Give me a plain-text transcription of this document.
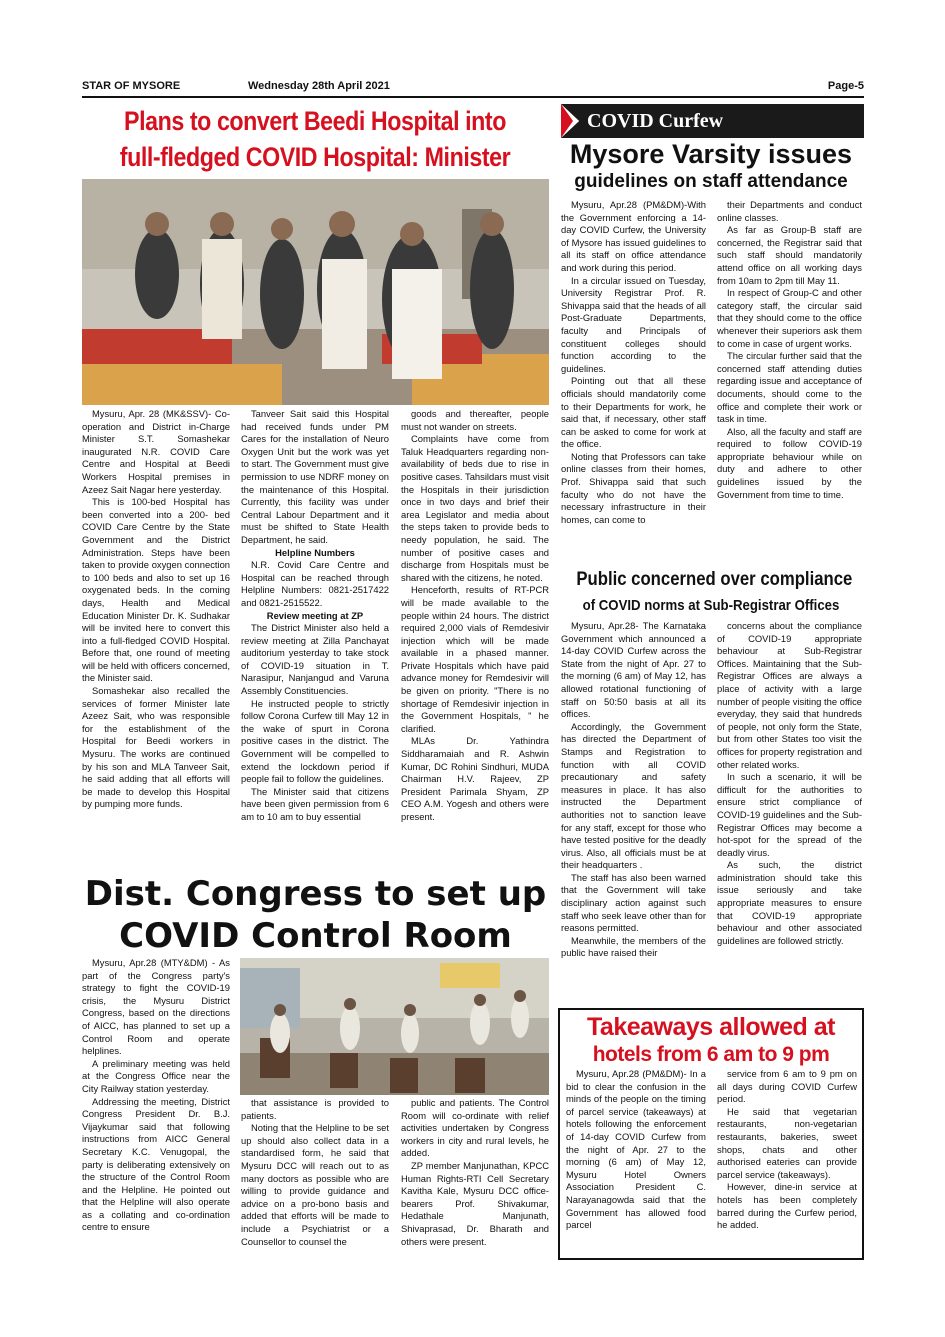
STAR OF MYSORE	Wednesday 28th April 2021	Page-5
Plans to convert Beedi Hospital into
full-fledged COVID Hospital: Minister

Mysuru, Apr. 28 (MK&SSV)- Co-operation and District in-Charge Minister S.T. Somashekar inaugurated N.R. COVID Care Centre and Hospital at Beedi Workers Hospital premises in Azeez Sait Nagar here yesterday.

This is 100-bed Hospital has been converted into a 200- bed COVID Care Centre by the State Government and the District Administration. Steps have been taken to provide oxygen connection to 100 beds and also to set up 16 oxygenated beds. In the coming days, Health and Medical Education Minister Dr. K. Sudhakar will be invited here to convert this into a full-fledged COVID Hospital. Before that, one round of meeting will be held with officers concerned, the Minister said.

Somashekar also recalled the services of former Minister late Azeez Sait, who was responsible for the establishment of the Hospital for Beedi workers in Mysuru. The works are continued by his son and MLA Tanveer Sait, he said adding that all efforts will be made to develop this Hospital by pumping more funds.

Tanveer Sait said this Hospital had received funds under PM Cares for the installation of Neuro Oxygen Unit but the work was yet to start. The Government must give permission to use NDRF money on the maintenance of this Hospital. Currently, this facility was under Central Labour Department and it must be shifted to State Health Department, he said.

Helpline Numbers

N.R. Covid Care Centre and Hospital can be reached through Helpline Numbers: 0821-2517422 and 0821-2515522.

Review meeting at ZP

The District Minister also held a review meeting at Zilla Panchayat auditorium yesterday to take stock of COVID-19 situation in T. Narasipur, Nanjangud and Varuna Assembly Constituencies.

He instructed people to strictly follow Corona Curfew till May 12 in the wake of spurt in Corona positive cases in the district. The Government will be compelled to extend the lockdown period if people fail to follow the guidelines.

The Minister said that citizens have been given permission from 6 am to 10 am to buy essential

goods and thereafter, people must not wander on streets.

Complaints have come from Taluk Headquarters regarding non-availability of beds due to rise in positive cases. Tahsildars must visit the Hospitals in their jurisdiction once in two days and brief their area Legislator and media about the steps taken to provide beds to needy population, he said. The number of positive cases and discharge from Hospitals must be shared with the citizens, he noted.

Henceforth, results of RT-PCR will be made available to the people within 24 hours. The district required 2,000 vials of Remdesivir injection which will be made available in a phased manner. Private Hospitals which have paid advance money for Remdesivir will be given on priority. "There is no shortage of Remdesivir injection in the Government Hospitals, " he clarified.

MLAs Dr. Yathindra Siddharamaiah and R. Ashwin Kumar, DC Rohini Sindhuri, MUDA Chairman H.V. Rajeev, ZP President Parimala Shyam, ZP CEO A.M. Yogesh and others were present.

Dist. Congress to set up
COVID Control Room

Mysuru, Apr.28 (MTY&DM) - As part of the Congress party's strategy to fight the COVID-19 crisis, the Mysuru District Congress, based on the directions of AICC, has planned to set up a Control Room and operate helplines.

A preliminary meeting was held at the Congress Office near the City Railway station yesterday.

Addressing the meeting, District Congress President Dr. B.J. Vijaykumar said that following instructions from AICC General Secretary K.C. Venugopal, the party is deliberating extensively on the structure of the Control Room and the Helpline. He pointed out that the Helpline will also operate as a collating and co-ordination centre to ensure

that assistance is provided to patients.

Noting that the Helpline to be set up should also collect data in a standardised form, he said that Mysuru DCC will reach out to as many doctors as possible who are willing to provide guidance and advice on a pro-bono basis and added that efforts will be made to include a Psychiatrist or a Counsellor to counsel the

public and patients. The Control Room will co-ordinate with relief activities undertaken by Congress workers in city and rural levels, he added.

ZP member Manjunathan, KPCC Human Rights-RTI Cell Secretary Kavitha Kale, Mysuru DCC office-bearers Prof. Shivakumar, Hedathale Manjunath, Shivaprasad, Dr. Bharath and others were present.

COVID Curfew
Mysore Varsity issues
guidelines on staff attendance

Mysuru, Apr.28 (PM&DM)-With the Government enforcing a 14-day COVID Curfew, the University of Mysore has issued guidelines to all its staff on office attendance and work during this period.

In a circular issued on Tuesday, University Registrar Prof. R. Shivappa said that the heads of all Post-Graduate Departments, faculty and Principals of constituent colleges should function according to the guidelines.

Pointing out that all these officials should mandatorily come to their Departments for work, he said that, if necessary, other staff can be asked to come for work at the office.

Noting that Professors can take online classes from their homes, Prof. Shivappa said that such faculty who do not have the necessary infrastructure in their homes, can come to

their Departments and conduct online classes.

As far as Group-B staff are concerned, the Registrar said that such staff should mandatorily attend office on all working days from 10am to 2pm till May 11.

In respect of Group-C and other category staff, the circular said that they should come to the office whenever their superiors ask them to come in case of urgent works.

The circular further said that the concerned staff attending duties regarding issue and acceptance of documents, should come to the office and complete their work or task in time.

Also, all the faculty and staff are required to follow COVID-19 appropriate behaviour while on duty and adhere to other guidelines issued by the Government from time to time.

Public concerned over compliance
of COVID norms at Sub-Registrar Offices

Mysuru, Apr.28- The Karnataka Government which announced a 14-day COVID Curfew across the State from the night of Apr. 27 to the morning (6 am) of May 12, has allowed rotational functioning of staff on 50:50 basis at all its offices.

Accordingly, the Government has directed the Department of Stamps and Registration to function with all COVID precautionary and safety measures in place. It has also instructed the Department authorities not to sanction leave for any staff, except for those who have tested positive for the deadly virus. Also, all officials must be at their headquarters .

The staff has also been warned that the Government will take disciplinary action against such staff who seek leave other than for reasons permitted.

Meanwhile, the members of the public have raised their

concerns about the compliance of COVID-19 appropriate behaviour at Sub-Registrar Offices. Maintaining that the Sub-Registrar Offices are always a place of activity with a large number of people visiting the office everyday, they said that hundreds of people, not only form the State, but from other States too visit the offices for property registration and other related works.

In such a scenario, it will be difficult for the authorities to ensure strict compliance of COVID-19 guidelines and the Sub-Registrar Offices may become a hot-spot for the spread of the deadly virus.

As such, the district administration should take this issue seriously and take appropriate measures to ensure that COVID-19 appropriate behaviour and other associated guidelines are followed strictly.

Takeaways allowed at
hotels from 6 am to 9 pm

Mysuru, Apr.28 (PM&DM)- In a bid to clear the confusion in the minds of the people on the timing of parcel service (takeaways) at hotels following the enforcement of 14-day COVID Curfew from the night of Apr. 27 to the morning (6 am) of May 12, Mysuru Hotel Owners Association President C. Narayanagowda said that the Government has allowed food parcel

service from 6 am to 9 pm on all days during COVID Curfew period.

He said that vegetarian restaurants, non-vegetarian restaurants, bakeries, sweet shops, chats and other authorised eateries can provide parcel service (takeaways).

However, dine-in service at hotels has been completely barred during the Curfew period, he added.
